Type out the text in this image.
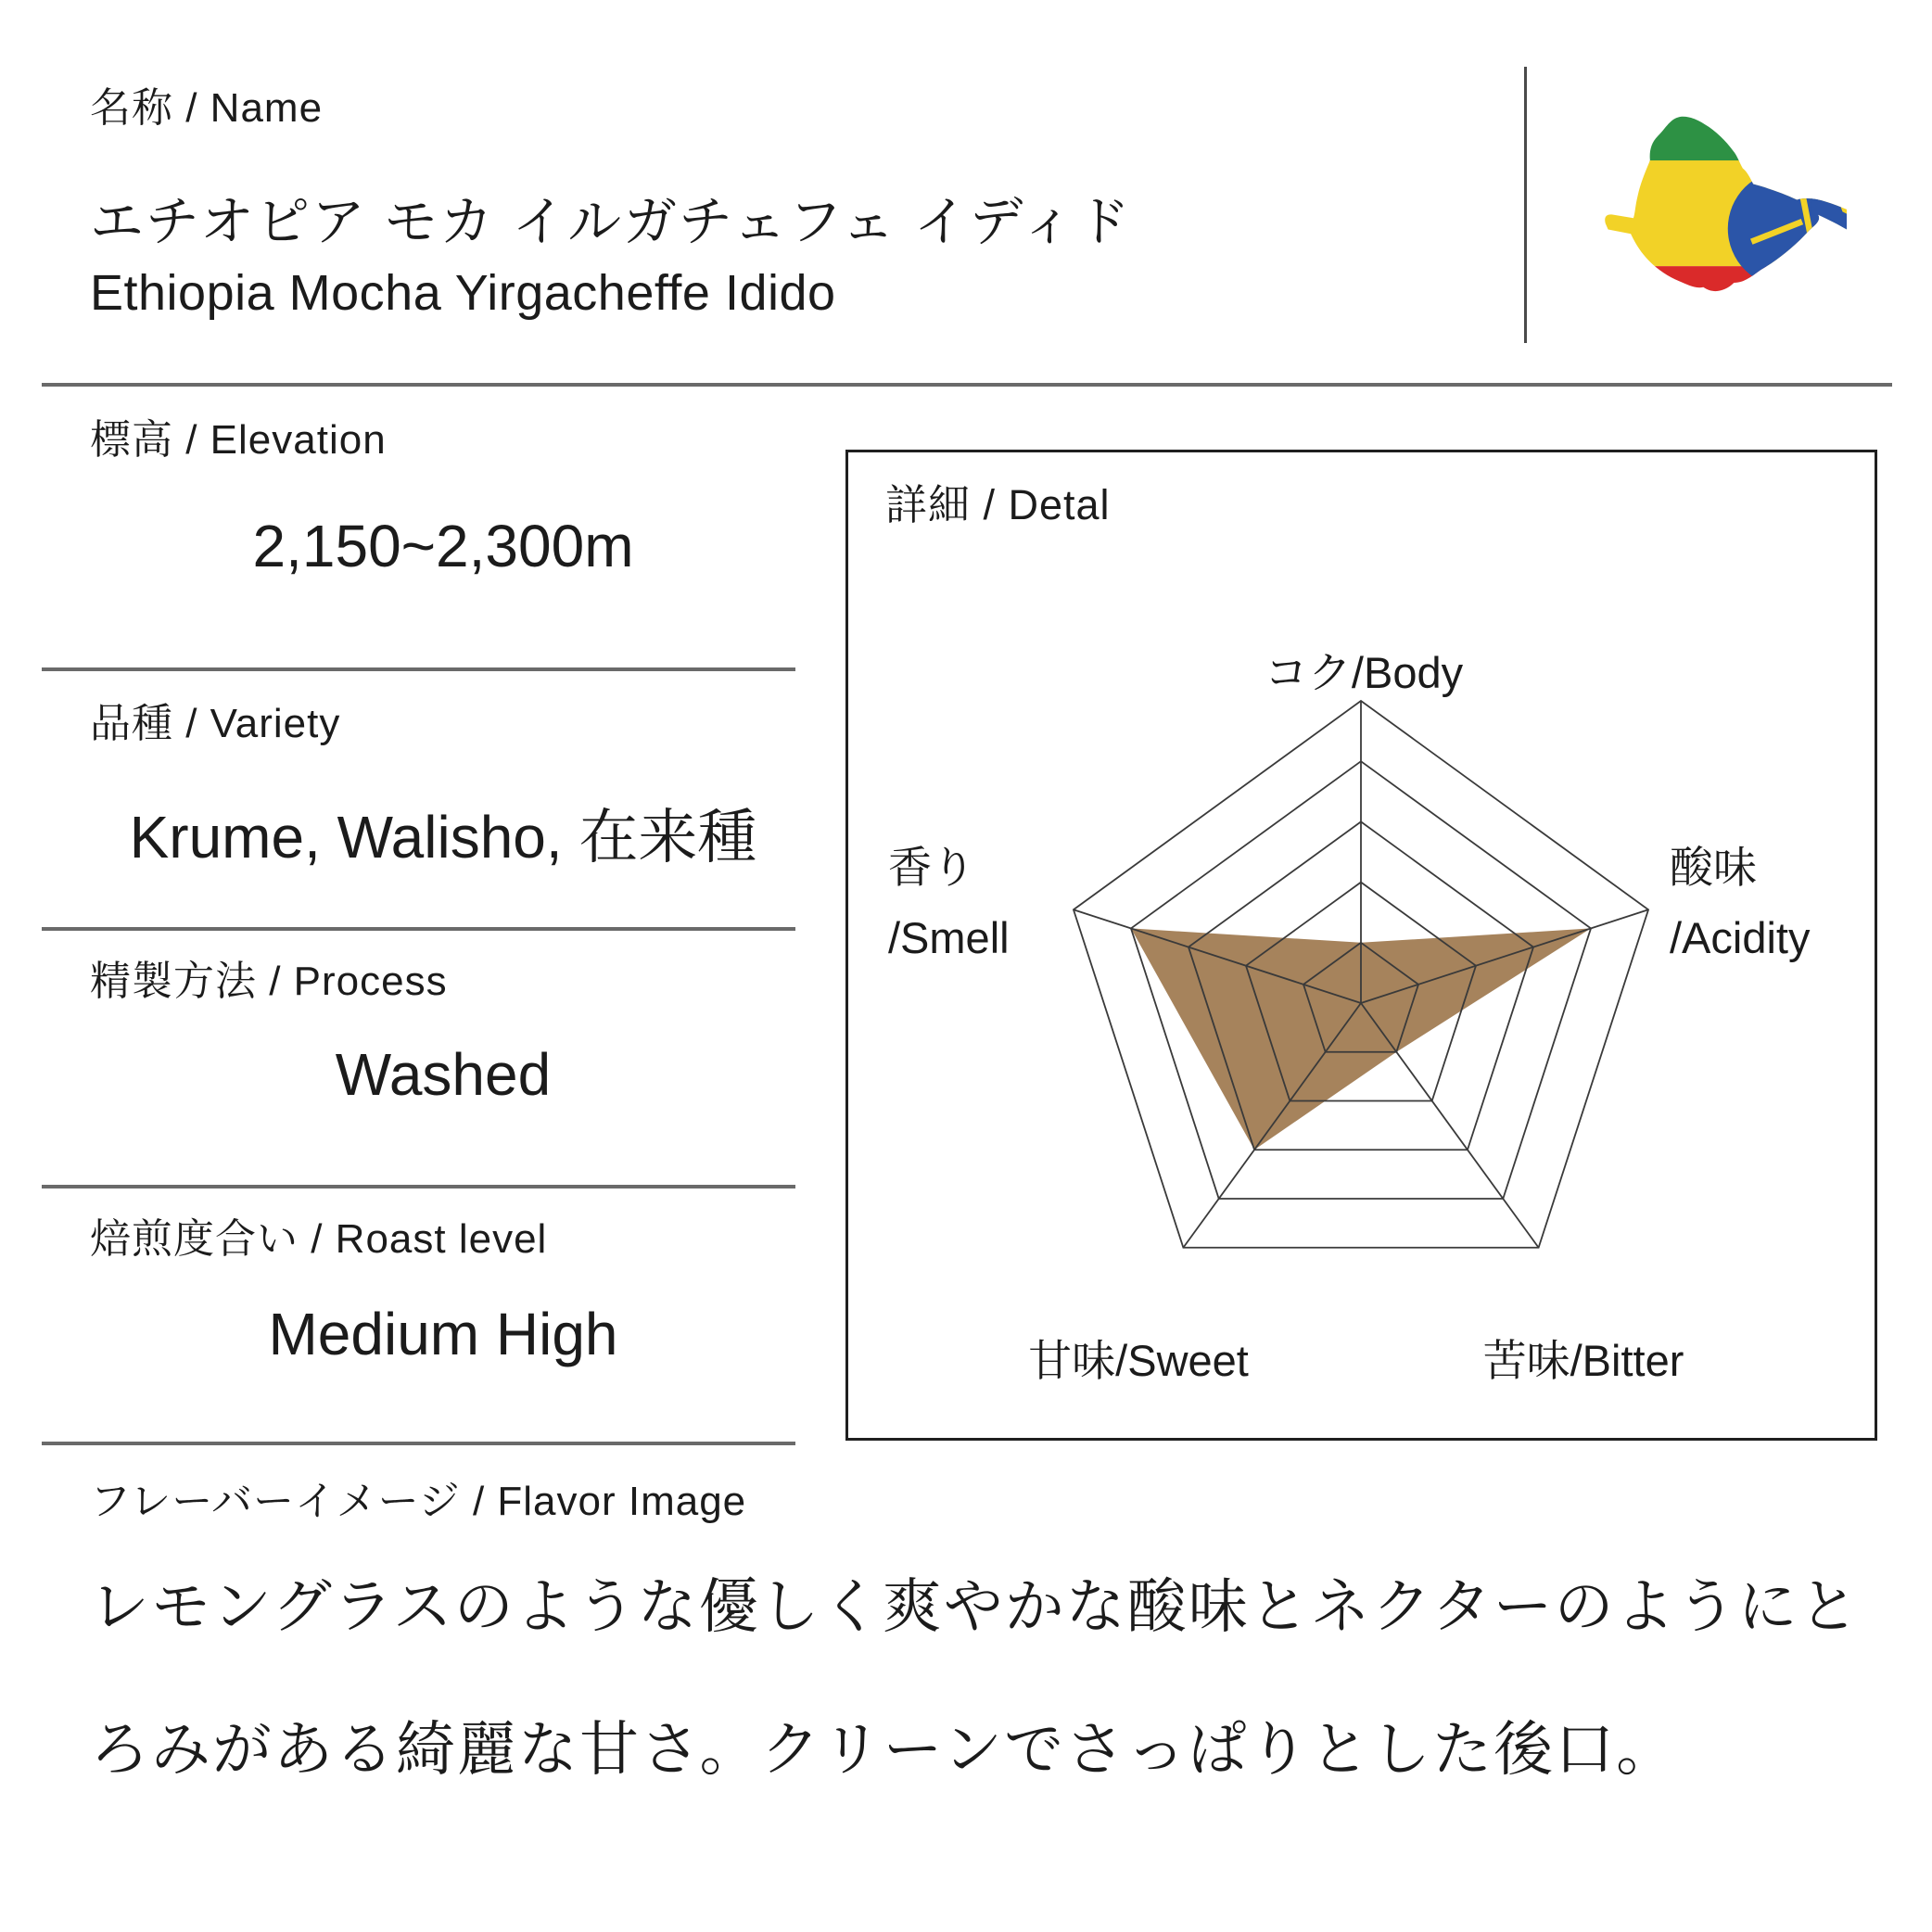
名称 / Name
エチオピア モカ イルガチェフェ イディド
Ethiopia Mocha Yirgacheffe Idido
標高 / Elevation
2,150~2,300m
品種 / Variety
Krume, Walisho, 在来種
精製方法 / Process
Washed
焙煎度合い / Roast level
Medium High
詳細 / Detal
コク/Body
酸味
/Acidity
香り
/Smell
甘味/Sweet	苦味/Bitter
フレーバーイメージ / Flavor Image
レモングラスのような優しく爽やかな酸味とネクターのようにと
ろみがある綺麗な甘さ。クリーンでさっぱりとした後口。
